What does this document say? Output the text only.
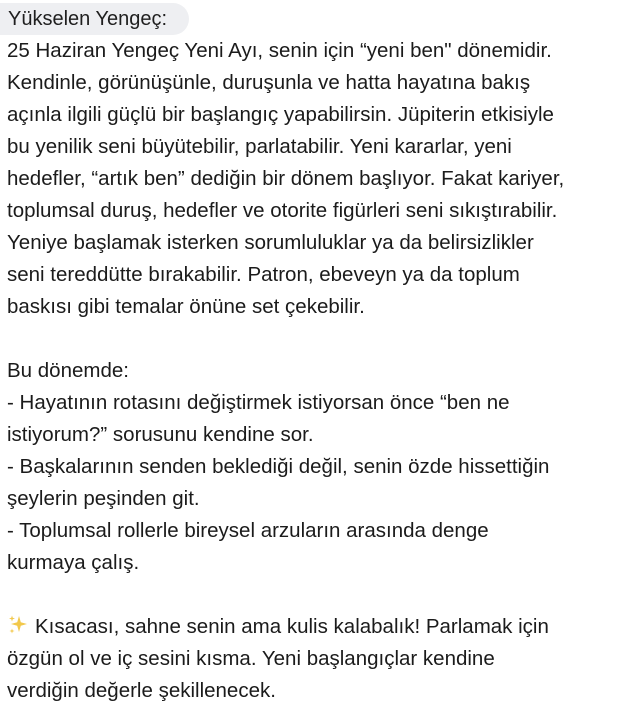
Yükselen Yengeç:
25 Haziran Yengeç Yeni Ayı, senin için “yeni ben" dönemidir.
Kendinle, görünüşünle, duruşunla ve hatta hayatına bakış
açınla ilgili güçlü bir başlangıç yapabilirsin. Jüpiterin etkisiyle
bu yenilik seni büyütebilir, parlatabilir. Yeni kararlar, yeni
hedefler, “artık ben” dediğin bir dönem başlıyor. Fakat kariyer,
toplumsal duruş, hedefler ve otorite figürleri seni sıkıştırabilir.
Yeniye başlamak isterken sorumluluklar ya da belirsizlikler
seni tereddütte bırakabilir. Patron, ebeveyn ya da toplum
baskısı gibi temalar önüne set çekebilir.
Bu dönemde:
- Hayatının rotasını değiştirmek istiyorsan önce “ben ne
istiyorum?” sorusunu kendine sor.
- Başkalarının senden beklediği değil, senin özde hissettiğin
şeylerin peşinden git.
- Toplumsal rollerle bireysel arzuların arasında denge
kurmaya çalış.
Kısacası, sahne senin ama kulis kalabalık! Parlamak için
özgün ol ve iç sesini kısma. Yeni başlangıçlar kendine
verdiğin değerle şekillenecek.
